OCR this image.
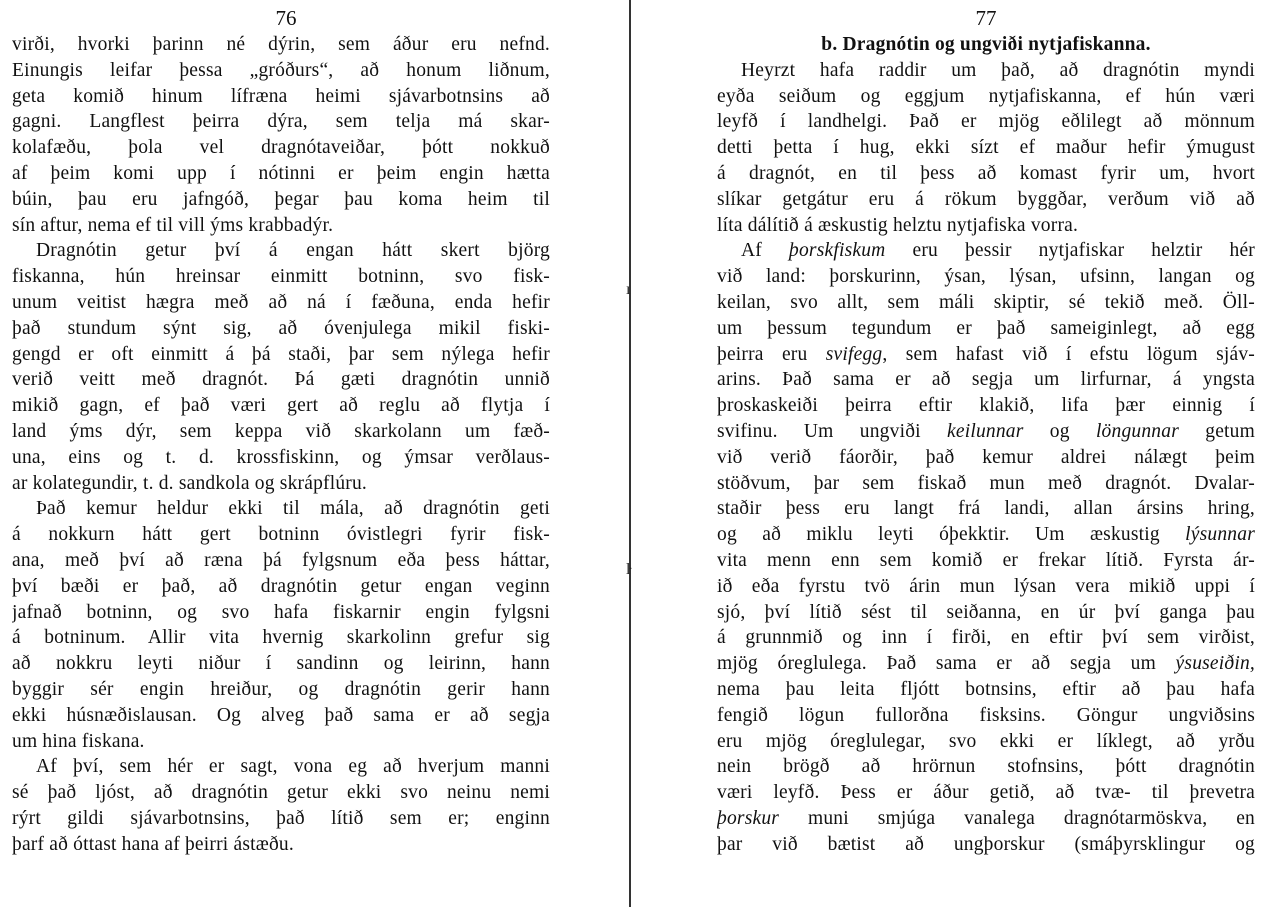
76
virði, hvorki þarinn né dýrin, sem áður eru nefnd.
Einungis leifar þessa „gróðurs“, að honum liðnum,
geta komið hinum lífræna heimi sjávarbotnsins að
gagni. Langflest þeirra dýra, sem telja má skar-
kolafæðu, þola vel dragnótaveiðar, þótt nokkuð
af þeim komi upp í nótinni er þeim engin hætta
búin, þau eru jafngóð, þegar þau koma heim til
sín aftur, nema ef til vill ýms krabbadýr.
Dragnótin getur því á engan hátt skert björg
fiskanna, hún hreinsar einmitt botninn, svo fisk-
unum veitist hægra með að ná í fæðuna, enda hefir
það stundum sýnt sig, að óvenjulega mikil fiski-
gengd er oft einmitt á þá staði, þar sem nýlega hefir
verið veitt með dragnót. Þá gæti dragnótin unnið
mikið gagn, ef það væri gert að reglu að flytja í
land ýms dýr, sem keppa við skarkolann um fæð-
una, eins og t. d. krossfiskinn, og ýmsar verðlaus-
ar kolategundir, t. d. sandkola og skrápflúru.
Það kemur heldur ekki til mála, að dragnótin geti
á nokkurn hátt gert botninn óvistlegri fyrir fisk-
ana, með því að ræna þá fylgsnum eða þess háttar,
því bæði er það, að dragnótin getur engan veginn
jafnað botninn, og svo hafa fiskarnir engin fylgsni
á botninum. Allir vita hvernig skarkolinn grefur sig
að nokkru leyti niður í sandinn og leirinn, hann
byggir sér engin hreiður, og dragnótin gerir hann
ekki húsnæðislausan. Og alveg það sama er að segja
um hina fiskana.
Af því, sem hér er sagt, vona eg að hverjum manni
sé það ljóst, að dragnótin getur ekki svo neinu nemi
rýrt gildi sjávarbotnsins, það lítið sem er; enginn
þarf að óttast hana af þeirri ástæðu.
ı
ŀ
77
b. Dragnótin og ungviði nytjafiskanna.
Heyrzt hafa raddir um það, að dragnótin myndi
eyða seiðum og eggjum nytjafiskanna, ef hún væri
leyfð í landhelgi. Það er mjög eðlilegt að mönnum
detti þetta í hug, ekki sízt ef maður hefir ýmugust
á dragnót, en til þess að komast fyrir um, hvort
slíkar getgátur eru á rökum byggðar, verðum við að
líta dálítið á æskustig helztu nytjafiska vorra.
Af þorskfiskum eru þessir nytjafiskar helztir hér
við land: þorskurinn, ýsan, lýsan, ufsinn, langan og
keilan, svo allt, sem máli skiptir, sé tekið með. Öll-
um þessum tegundum er það sameiginlegt, að egg
þeirra eru svifegg, sem hafast við í efstu lögum sjáv-
arins. Það sama er að segja um lirfurnar, á yngsta
þroskaskeiði þeirra eftir klakið, lifa þær einnig í
svifinu. Um ungviði keilunnar og löngunnar getum
við verið fáorðir, það kemur aldrei nálægt þeim
stöðvum, þar sem fiskað mun með dragnót. Dvalar-
staðir þess eru langt frá landi, allan ársins hring,
og að miklu leyti óþekktir. Um æskustig lýsunnar
vita menn enn sem komið er frekar lítið. Fyrsta ár-
ið eða fyrstu tvö árin mun lýsan vera mikið uppi í
sjó, því lítið sést til seiðanna, en úr því ganga þau
á grunnmið og inn í firði, en eftir því sem virðist,
mjög óreglulega. Það sama er að segja um ýsuseiðin,
nema þau leita fljótt botnsins, eftir að þau hafa
fengið lögun fullorðna fisksins. Göngur ungviðsins
eru mjög óreglulegar, svo ekki er líklegt, að yrðu
nein brögð að hrörnun stofnsins, þótt dragnótin
væri leyfð. Þess er áður getið, að tvæ- til þrevetra
þorskur muni smjúga vanalega dragnótarmöskva, en
þar við bætist að ungþorskur (smáþyrsklingur og
